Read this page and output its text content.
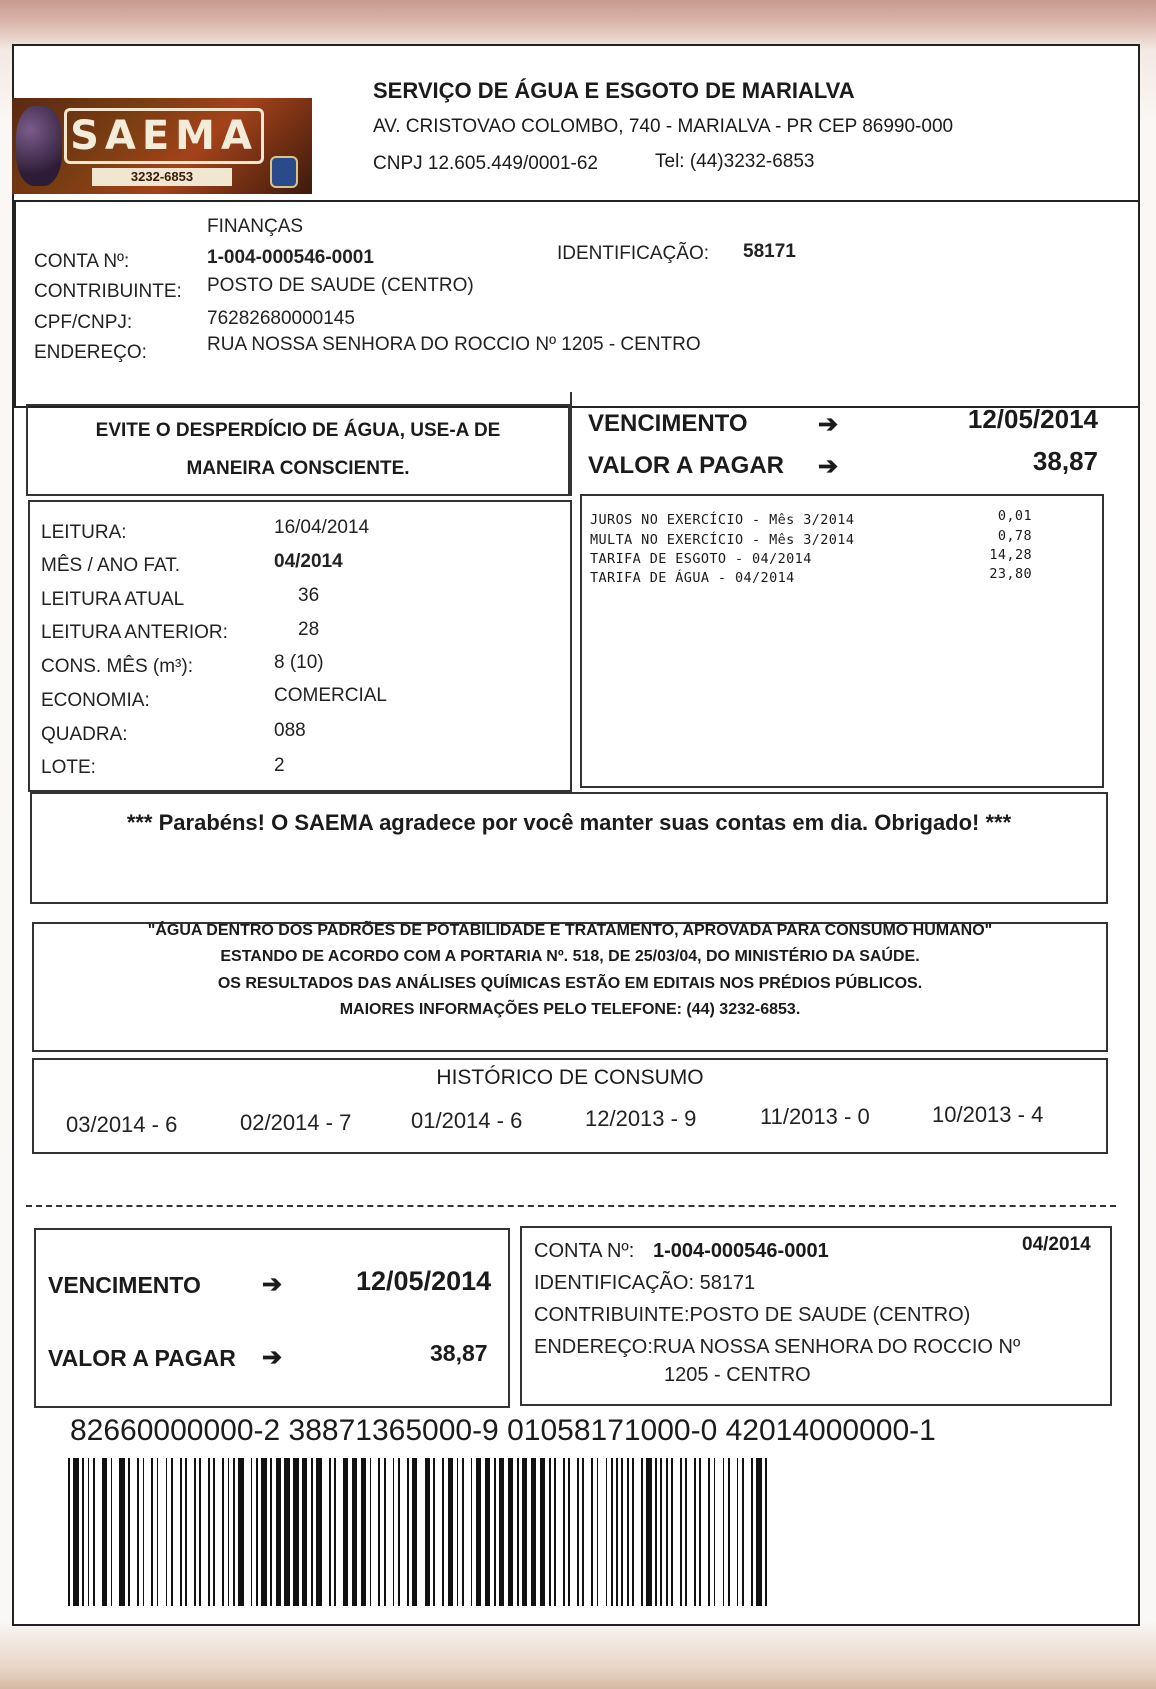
SAEMA
3232-6853
SERVIÇO DE ÁGUA E ESGOTO DE MARIALVA
AV. CRISTOVAO COLOMBO, 740 - MARIALVA - PR CEP 86990-000
CNPJ 12.605.449/0001-62	Tel: (44)3232-6853
FINANÇAS
CONTA Nº:	1-004-000546-0001	IDENTIFICAÇÃO: 58171
CONTRIBUINTE: POSTO DE SAUDE (CENTRO)
CPF/CNPJ:	76282680000145
ENDEREÇO:	RUA NOSSA SENHORA DO ROCCIO Nº 1205 - CENTRO
EVITE O DESPERDÍCIO DE ÁGUA, USE-A DE
MANEIRA CONSCIENTE.
VENCIMENTO	➔	12/05/2014
VALOR A PAGAR ➔	38,87
LEITURA:	16/04/2014
MÊS / ANO FAT.	04/2014
LEITURA ATUAL	36
LEITURA ANTERIOR:	28
CONS. MÊS (m³):	8 (10)
ECONOMIA:	COMERCIAL
QUADRA:	088
LOTE:	2
JUROS NO EXERCÍCIO - Mês 3/2014	0,01
MULTA NO EXERCÍCIO - Mês 3/2014	0,78
TARIFA DE ESGOTO - 04/2014	14,28
TARIFA DE ÁGUA - 04/2014	23,80
*** Parabéns! O SAEMA agradece por você manter suas contas em dia. Obrigado! ***
"ÁGUA DENTRO DOS PADRÕES DE POTABILIDADE E TRATAMENTO, APROVADA PARA CONSUMO HUMANO"
ESTANDO DE ACORDO COM A PORTARIA Nº. 518, DE 25/03/04, DO MINISTÉRIO DA SAÚDE.
OS RESULTADOS DAS ANÁLISES QUÍMICAS ESTÃO EM EDITAIS NOS PRÉDIOS PÚBLICOS.
MAIORES INFORMAÇÕES PELO TELEFONE: (44) 3232-6853.
HISTÓRICO DE CONSUMO
03/2014 - 6	02/2014 - 7	01/2014 - 6	12/2013 - 9	11/2013 - 0	10/2013 - 4
VENCIMENTO	➔	12/05/2014
VALOR A PAGAR ➔	38,87
CONTA Nº: 1-004-000546-0001	04/2014
IDENTIFICAÇÃO: 58171
CONTRIBUINTE:POSTO DE SAUDE (CENTRO)
ENDEREÇO:RUA NOSSA SENHORA DO ROCCIO Nº
1205 - CENTRO
82660000000-2 38871365000-9 01058171000-0 42014000000-1
